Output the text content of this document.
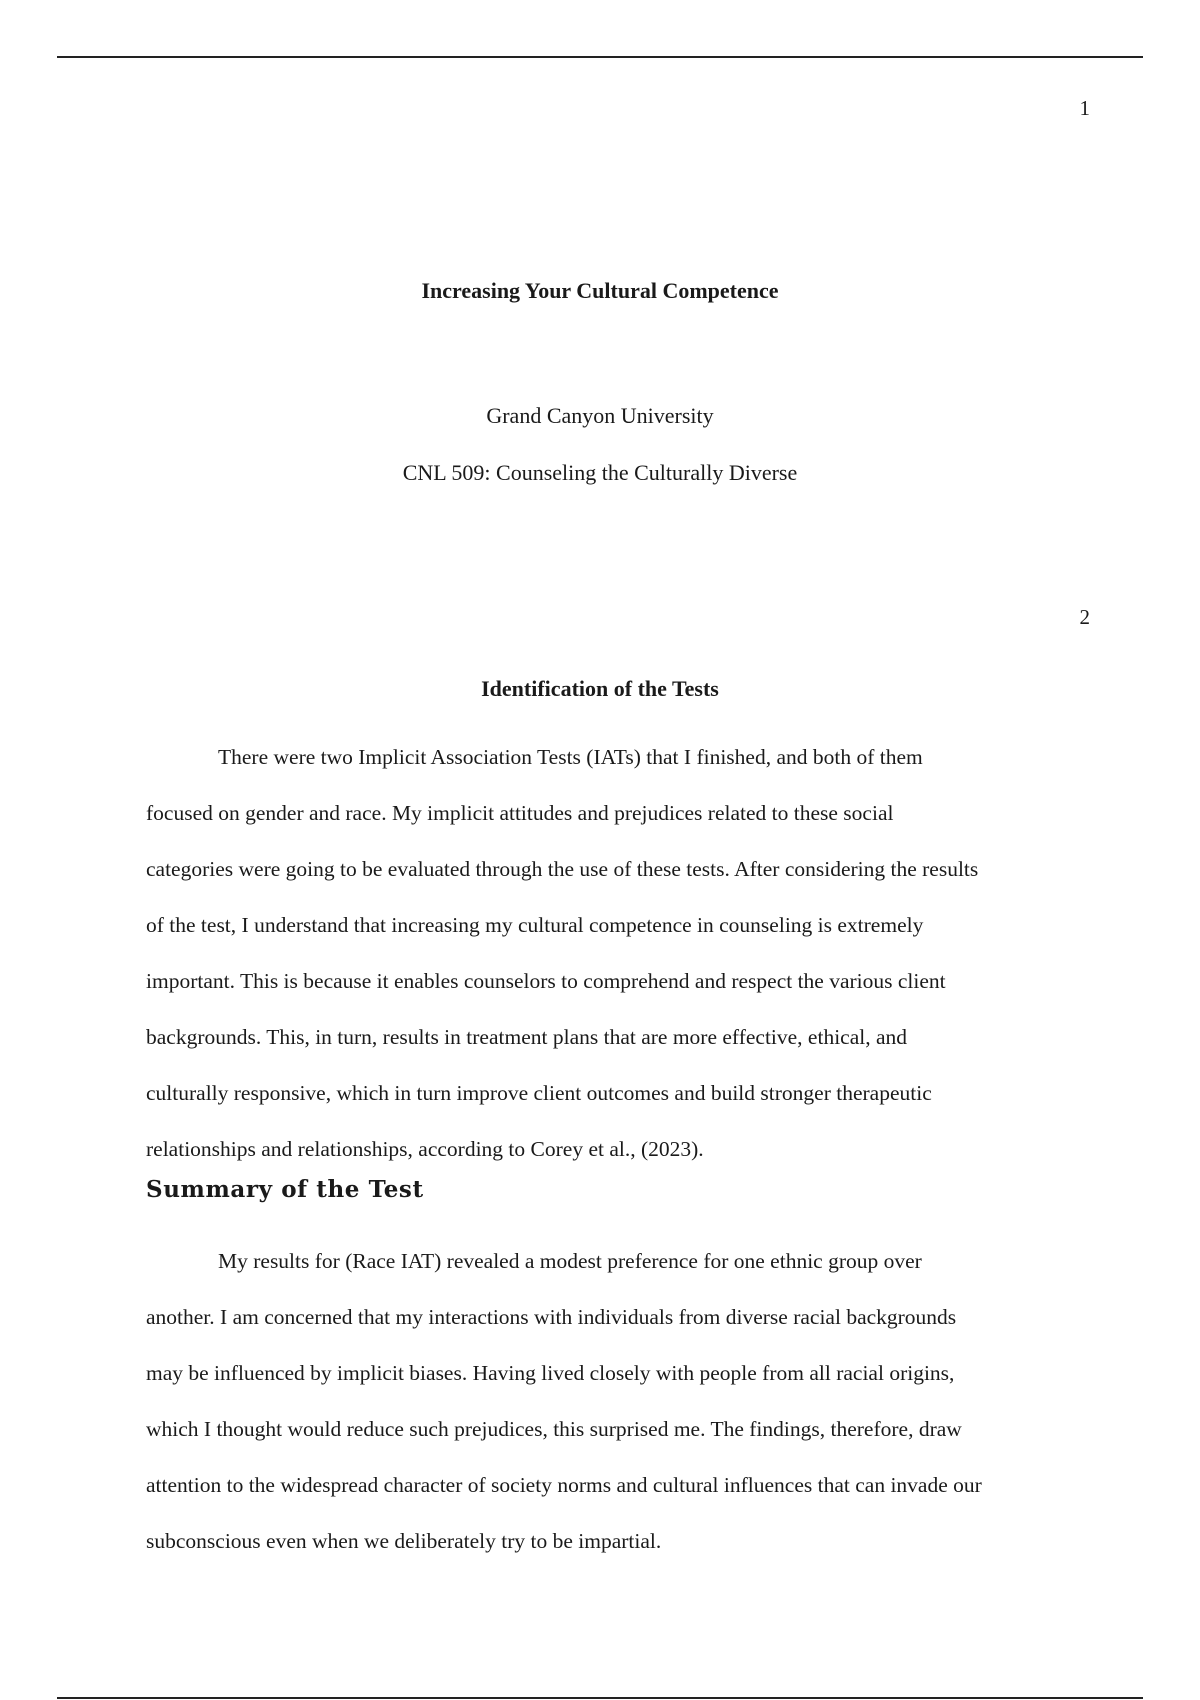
1
Increasing Your Cultural Competence
Grand Canyon University
CNL 509: Counseling the Culturally Diverse
2
Identification of the Tests
There were two Implicit Association Tests (IATs) that I finished, and both of them
focused on gender and race. My implicit attitudes and prejudices related to these social
categories were going to be evaluated through the use of these tests. After considering the results
of the test, I understand that increasing my cultural competence in counseling is extremely
important. This is because it enables counselors to comprehend and respect the various client
backgrounds. This, in turn, results in treatment plans that are more effective, ethical, and
culturally responsive, which in turn improve client outcomes and build stronger therapeutic
relationships and relationships, according to Corey et al., (2023).
Summary of the Test
My results for (Race IAT) revealed a modest preference for one ethnic group over
another. I am concerned that my interactions with individuals from diverse racial backgrounds
may be influenced by implicit biases. Having lived closely with people from all racial origins,
which I thought would reduce such prejudices, this surprised me. The findings, therefore, draw
attention to the widespread character of society norms and cultural influences that can invade our
subconscious even when we deliberately try to be impartial.
